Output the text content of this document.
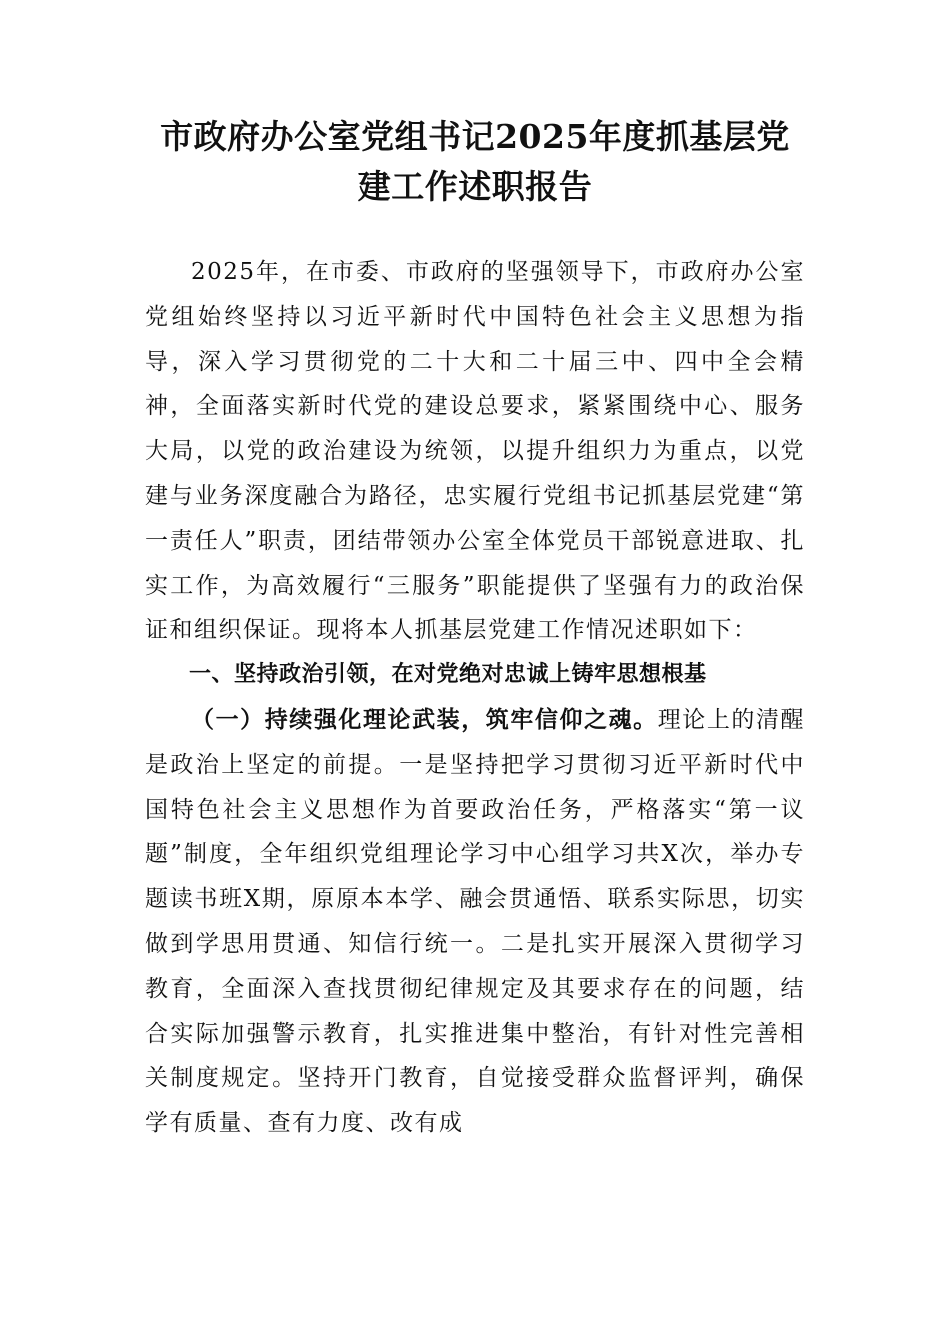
市政府办公室党组书记2025年度抓基层党
建工作述职报告

2025年，在市委、市政府的坚强领导下，市政府办公室党组始终坚持以习近平新时代中国特色社会主义思想为指导，深入学习贯彻党的二十大和二十届三中、四中全会精神，全面落实新时代党的建设总要求，紧紧围绕中心、服务大局，以党的政治建设为统领，以提升组织力为重点，以党建与业务深度融合为路径，忠实履行党组书记抓基层党建“第一责任人”职责，团结带领办公室全体党员干部锐意进取、扎实工作，为高效履行“三服务”职能提供了坚强有力的政治保证和组织保证。现将本人抓基层党建工作情况述职如下：

一、坚持政治引领，在对党绝对忠诚上铸牢思想根基

（一）持续强化理论武装，筑牢信仰之魂。理论上的清醒是政治上坚定的前提。一是坚持把学习贯彻习近平新时代中国特色社会主义思想作为首要政治任务，严格落实“第一议题”制度，全年组织党组理论学习中心组学习共X次，举办专题读书班X期，原原本本学、融会贯通悟、联系实际思，切实做到学思用贯通、知信行统一。二是扎实开展深入贯彻学习教育，全面深入查找贯彻纪律规定及其要求存在的问题，结合实际加强警示教育，扎实推进集中整治，有针对性完善相关制度规定。坚持开门教育，自觉接受群众监督评判，确保学有质量、查有力度、改有成
